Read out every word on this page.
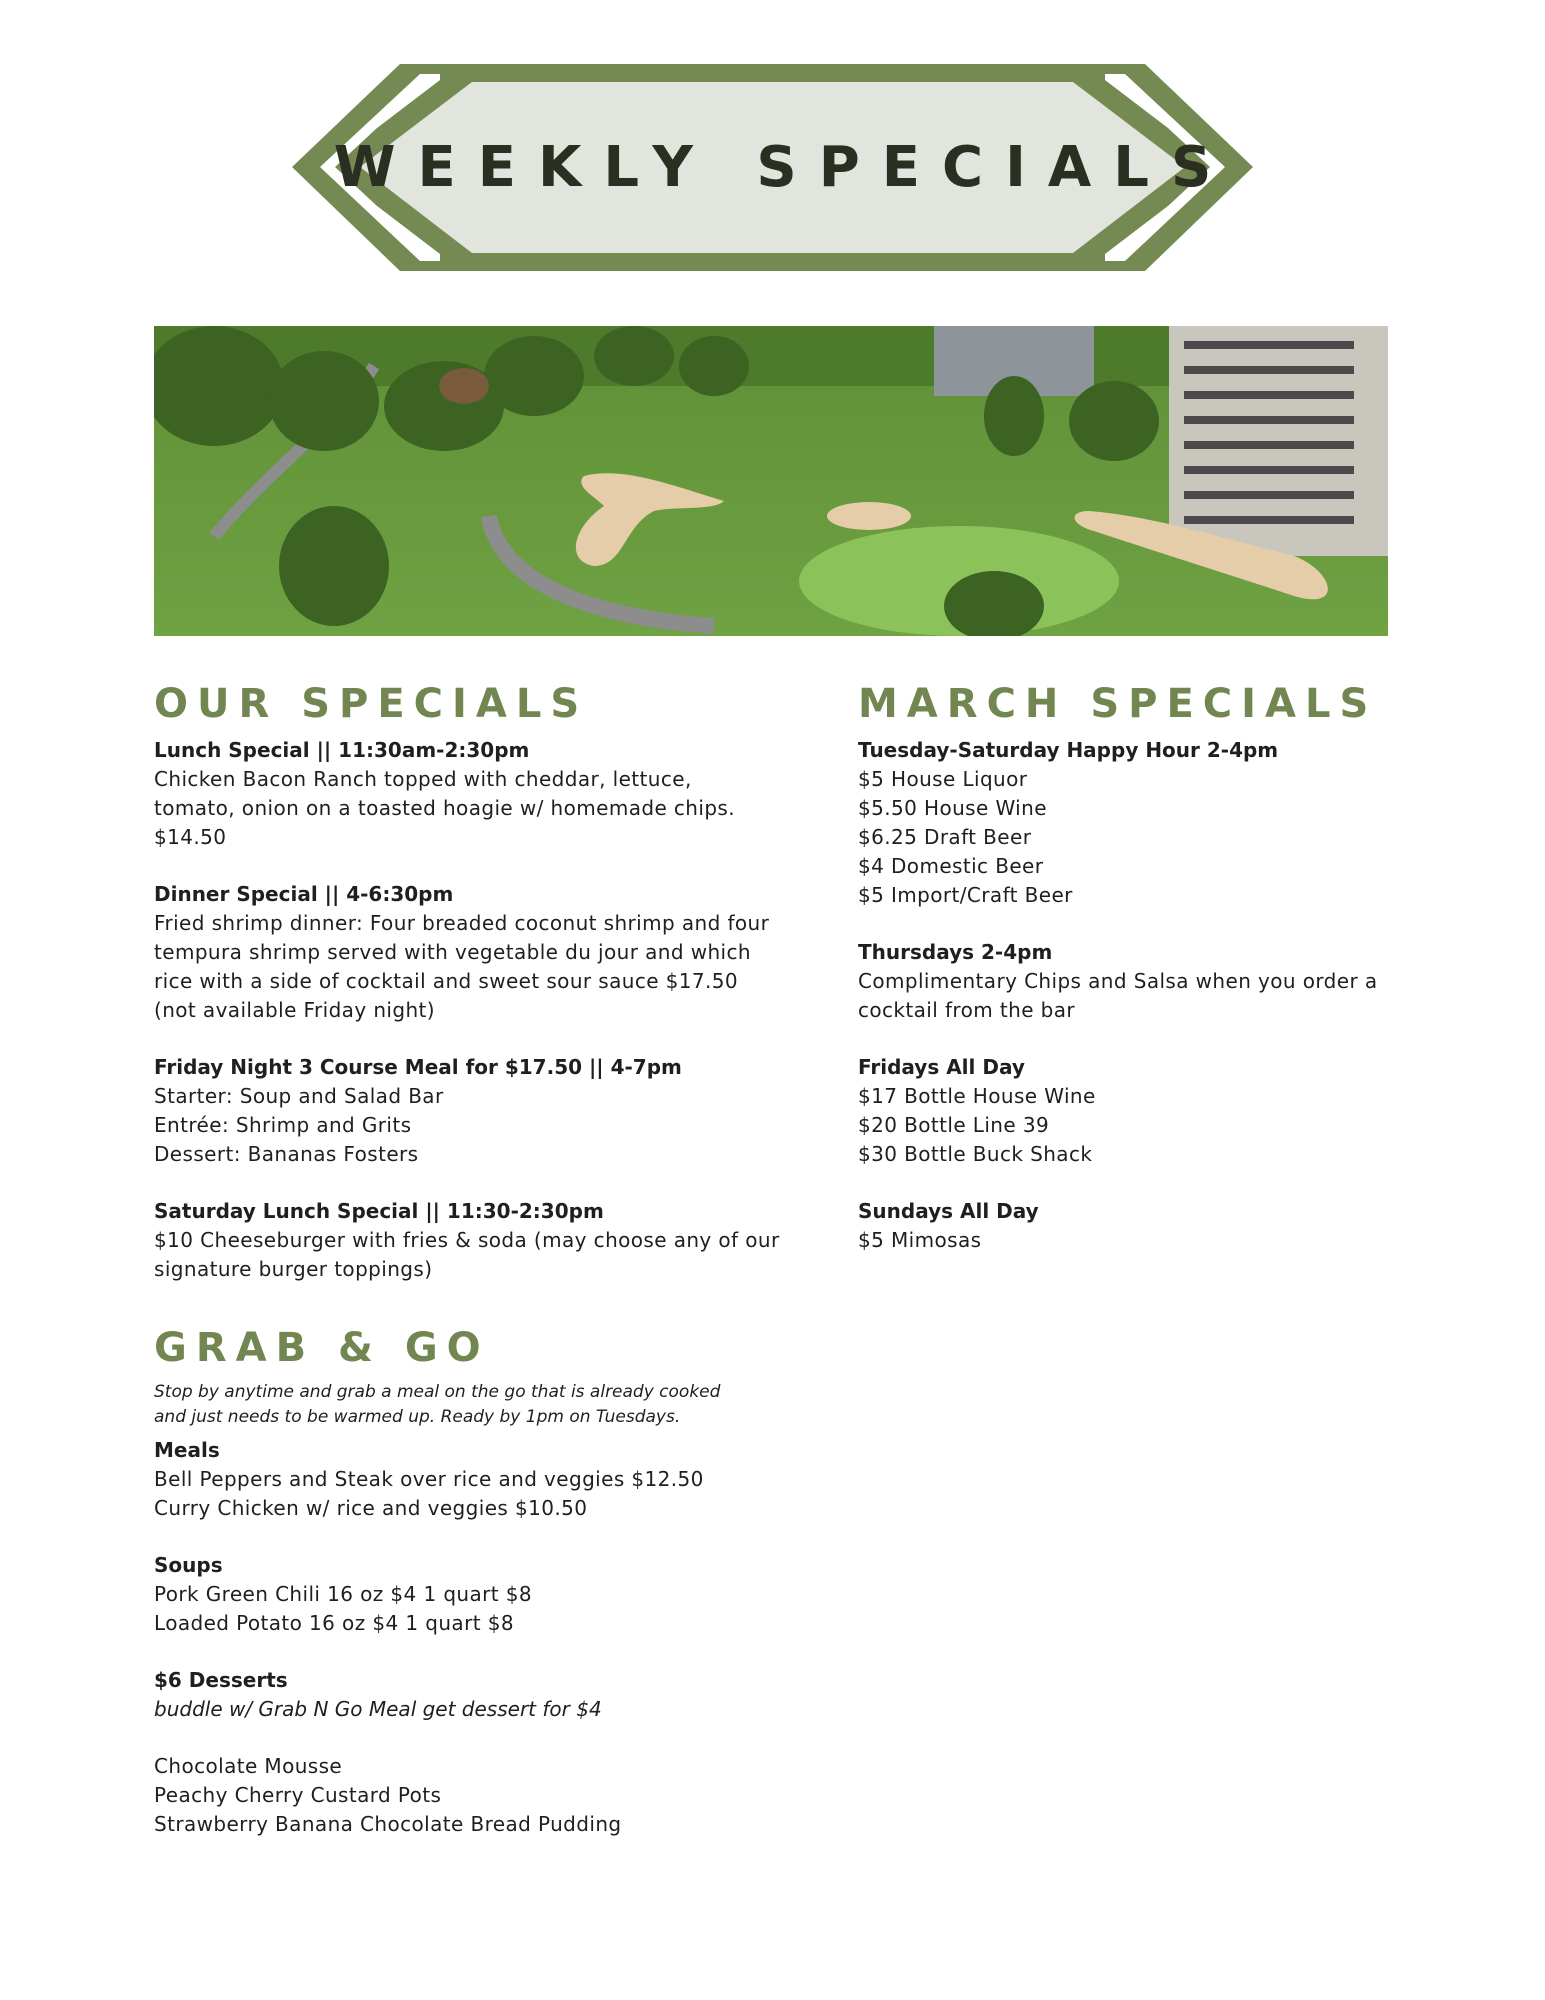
WEEKLY SPECIALS
OUR SPECIALS

Lunch Special || 11:30am-2:30pm

Chicken Bacon Ranch topped with cheddar, lettuce,

tomato, onion on a toasted hoagie w/ homemade chips.

$14.50

Dinner Special || 4-6:30pm

Fried shrimp dinner: Four breaded coconut shrimp and four

tempura shrimp served with vegetable du jour and which

rice with a side of cocktail and sweet sour sauce $17.50

(not available Friday night)

Friday Night 3 Course Meal for $17.50 || 4-7pm

Starter: Soup and Salad Bar

Entrée: Shrimp and Grits

Dessert: Bananas Fosters

Saturday Lunch Special || 11:30-2:30pm

$10 Cheeseburger with fries & soda (may choose any of our

signature burger toppings)

GRAB & GO

Stop by anytime and grab a meal on the go that is already cooked
and just needs to be warmed up. Ready by 1pm on Tuesdays.

Meals

Bell Peppers and Steak over rice and veggies $12.50

Curry Chicken w/ rice and veggies $10.50

Soups

Pork Green Chili 16 oz $4 1 quart $8

Loaded Potato 16 oz $4 1 quart $8

$6 Desserts

buddle w/ Grab N Go Meal get dessert for $4

Chocolate Mousse

Peachy Cherry Custard Pots

Strawberry Banana Chocolate Bread Pudding

MARCH SPECIALS

Tuesday-Saturday Happy Hour 2-4pm

$5 House Liquor

$5.50 House Wine

$6.25 Draft Beer

$4 Domestic Beer

$5 Import/Craft Beer

Thursdays 2-4pm

Complimentary Chips and Salsa when you order a

cocktail from the bar

Fridays All Day

$17 Bottle House Wine

$20 Bottle Line 39

$30 Bottle Buck Shack

Sundays All Day

$5 Mimosas
